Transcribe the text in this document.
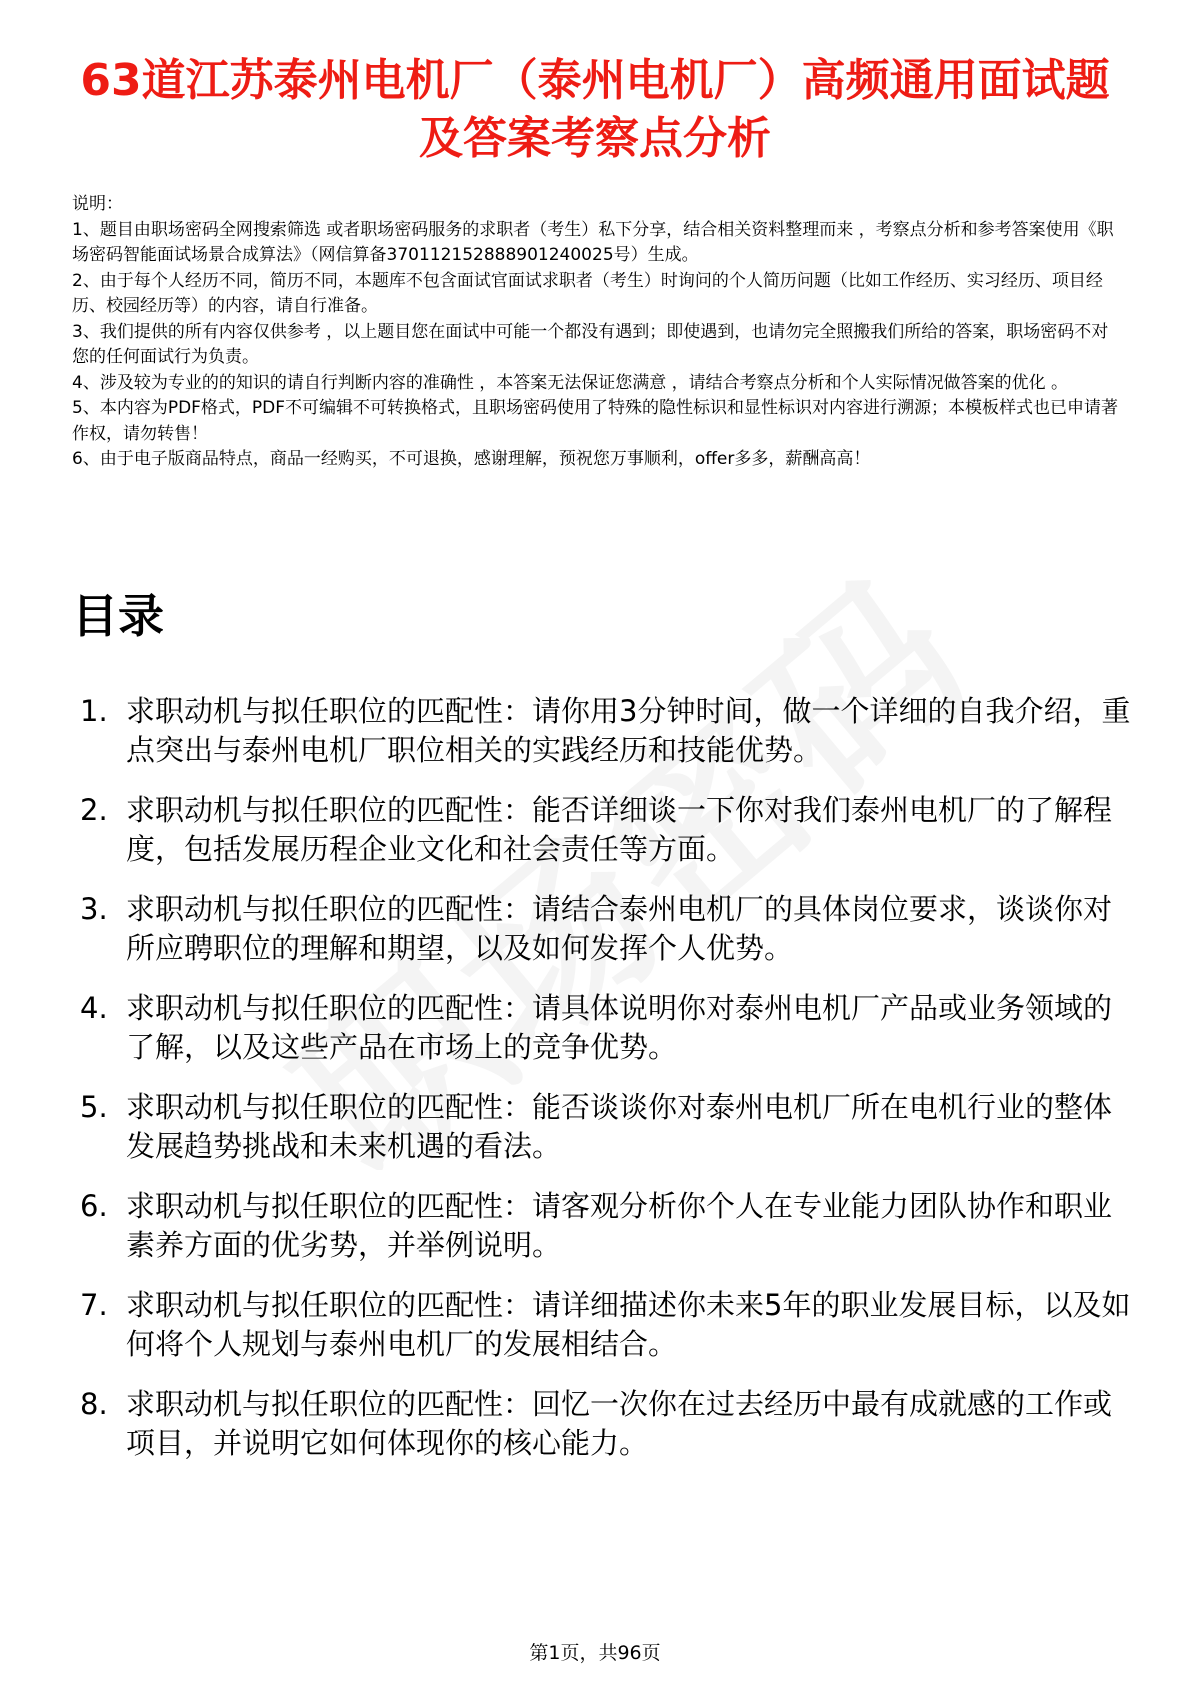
63道江苏泰州电机厂（泰州电机厂）高频通用面试题及答案考察点分析

说明：

1、题目由职场密码全网搜索筛选 或者职场密码服务的求职者（考生）私下分享，结合相关资料整理而来 ，考察点分析和参考答案使用《职场密码智能面试场景合成算法》（网信算备370112152888901240025号）生成。

2、由于每个人经历不同，简历不同，本题库不包含面试官面试求职者（考生）时询问的个人简历问题（比如工作经历、实习经历、项目经历、校园经历等）的内容，请自行准备。

3、我们提供的所有内容仅供参考 ，以上题目您在面试中可能一个都没有遇到；即使遇到，也请勿完全照搬我们所给的答案，职场密码不对您的任何面试行为负责。

4、涉及较为专业的的知识的请自行判断内容的准确性 ，本答案无法保证您满意 ，请结合考察点分析和个人实际情况做答案的优化 。

5、本内容为PDF格式，PDF不可编辑不可转换格式，且职场密码使用了特殊的隐性标识和显性标识对内容进行溯源；本模板样式也已申请著作权，请勿转售！

6、由于电子版商品特点，商品一经购买，不可退换，感谢理解，预祝您万事顺利，offer多多，薪酬高高！

目录
1. 求职动机与拟任职位的匹配性：请你用3分钟时间，做一个详细的自我介绍，重点突出与泰州电机厂职位相关的实践经历和技能优势。
2. 求职动机与拟任职位的匹配性：能否详细谈一下你对我们泰州电机厂的了解程度，包括发展历程企业文化和社会责任等方面。
3. 求职动机与拟任职位的匹配性：请结合泰州电机厂的具体岗位要求，谈谈你对所应聘职位的理解和期望，以及如何发挥个人优势。
4. 求职动机与拟任职位的匹配性：请具体说明你对泰州电机厂产品或业务领域的了解，以及这些产品在市场上的竞争优势。
5. 求职动机与拟任职位的匹配性：能否谈谈你对泰州电机厂所在电机行业的整体发展趋势挑战和未来机遇的看法。
6. 求职动机与拟任职位的匹配性：请客观分析你个人在专业能力团队协作和职业素养方面的优劣势，并举例说明。
7. 求职动机与拟任职位的匹配性：请详细描述你未来5年的职业发展目标，以及如何将个人规划与泰州电机厂的发展相结合。
8. 求职动机与拟任职位的匹配性：回忆一次你在过去经历中最有成就感的工作或项目，并说明它如何体现你的核心能力。
第1页，共96页
